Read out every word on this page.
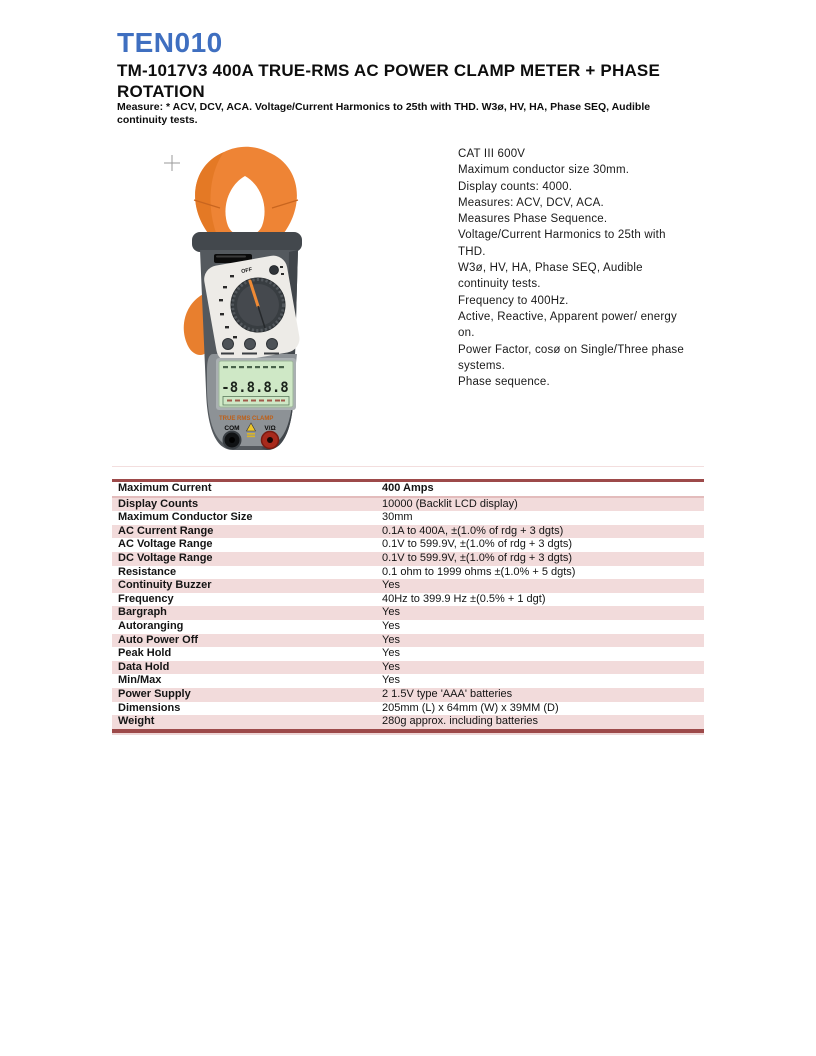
TEN010
TM-1017V3 400A TRUE-RMS AC POWER CLAMP METER + PHASE ROTATION
Measure: * ACV, DCV, ACA. Voltage/Current Harmonics to 25th with THD. W3ø, HV, HA, Phase SEQ, Audible continuity tests.
OFF
-8.8.8.8
TRUE RMS CLAMP
COM	V/Ω
CAT III 600V
Maximum conductor size 30mm.
Display counts: 4000.
Measures: ACV, DCV, ACA.
Measures Phase Sequence.
Voltage/Current Harmonics to 25th with THD.
W3ø, HV, HA, Phase SEQ, Audible continuity tests.
Frequency to 400Hz.
Active, Reactive, Apparent power/ energy on.
Power Factor, cosø on Single/Three phase systems.
Phase sequence.
Maximum Current	400 Amps
Display Counts	10000 (Backlit LCD display)
Maximum Conductor Size	30mm
AC Current Range	0.1A to 400A, ±(1.0% of rdg + 3 dgts)
AC Voltage Range	0.1V to 599.9V, ±(1.0% of rdg + 3 dgts)
DC Voltage Range	0.1V to 599.9V, ±(1.0% of rdg + 3 dgts)
Resistance	0.1 ohm to 1999 ohms ±(1.0% + 5 dgts)
Continuity Buzzer	Yes
Frequency	40Hz to 399.9 Hz ±(0.5% + 1 dgt)
Bargraph	Yes
Autoranging	Yes
Auto Power Off	Yes
Peak Hold	Yes
Data Hold	Yes
Min/Max	Yes
Power Supply	2 1.5V type 'AAA' batteries
Dimensions	205mm (L) x 64mm (W) x 39MM (D)
Weight	280g approx. including batteries
